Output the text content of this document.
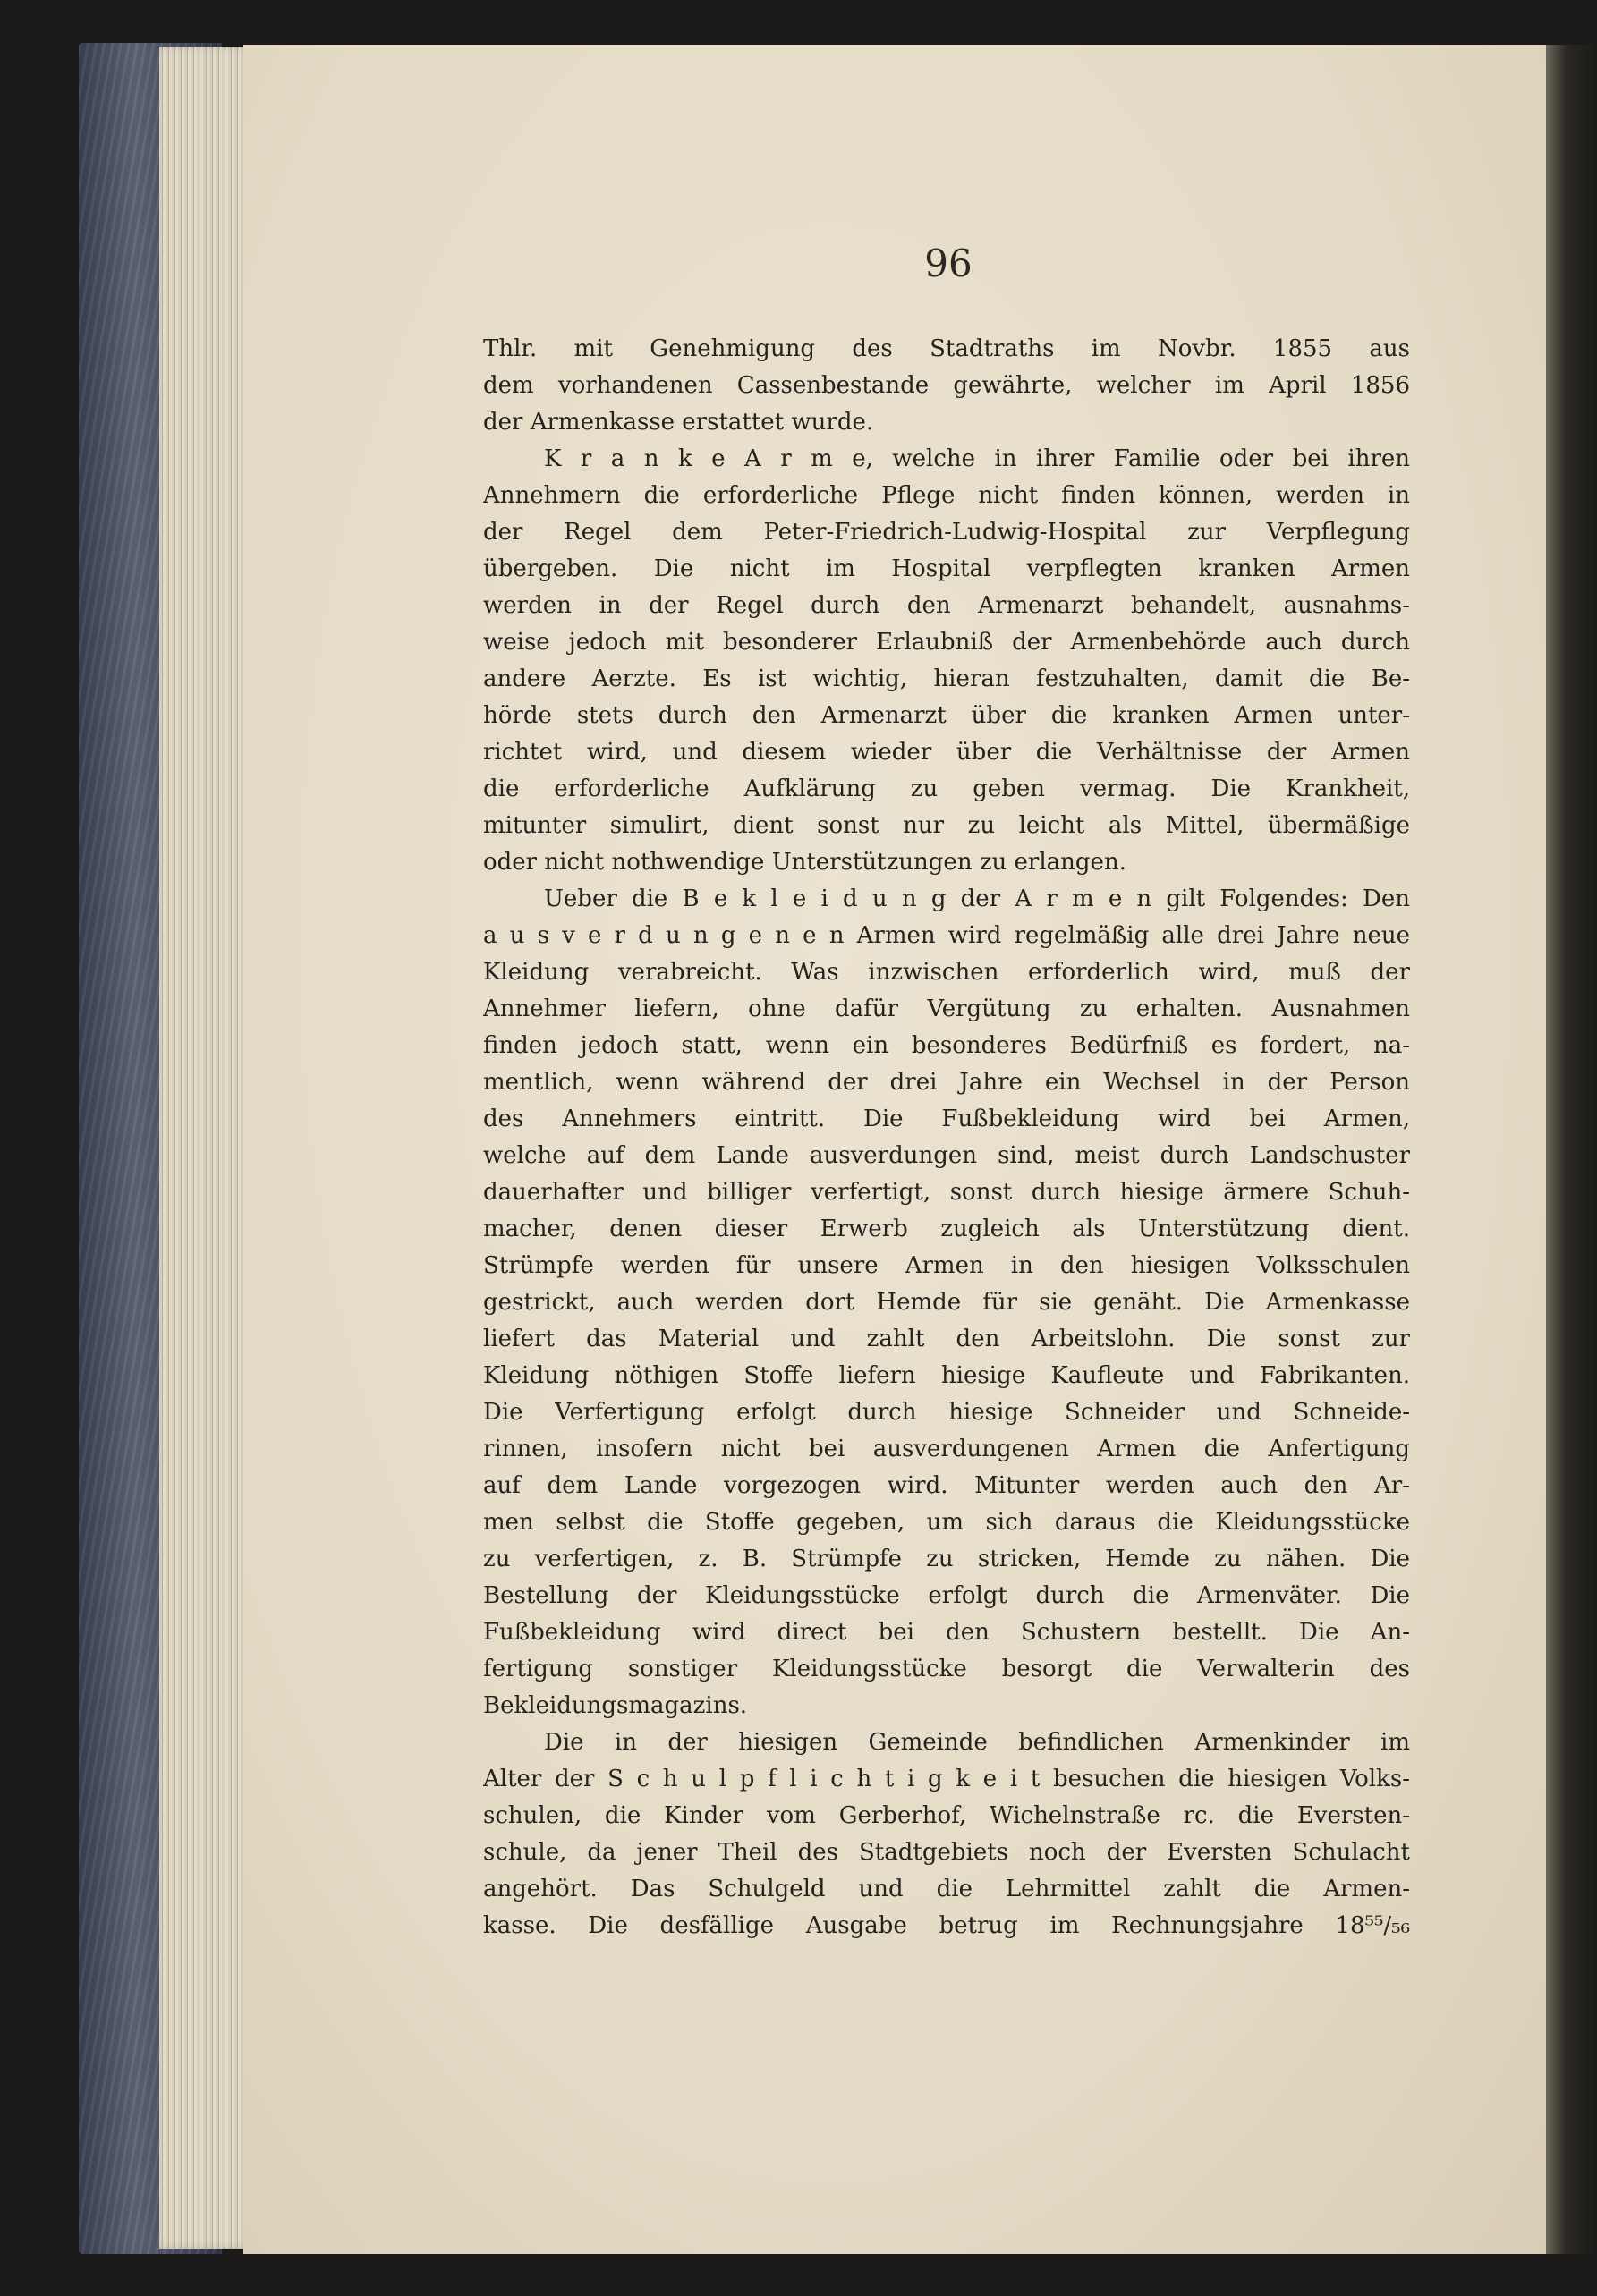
96
Thlr. mit Genehmigung des Stadtraths im Novbr. 1855 aus
dem vorhandenen Cassenbestande gewährte, welcher im April 1856
der Armenkasse erstattet wurde.
K r a n k e A r m e, welche in ihrer Familie oder bei ihren
Annehmern die erforderliche Pflege nicht finden können, werden in
der Regel dem Peter-Friedrich-Ludwig-Hospital zur Verpflegung
übergeben. Die nicht im Hospital verpflegten kranken Armen
werden in der Regel durch den Armenarzt behandelt, ausnahms-
weise jedoch mit besonderer Erlaubniß der Armenbehörde auch durch
andere Aerzte. Es ist wichtig, hieran festzuhalten, damit die Be-
hörde stets durch den Armenarzt über die kranken Armen unter-
richtet wird, und diesem wieder über die Verhältnisse der Armen
die erforderliche Aufklärung zu geben vermag. Die Krankheit,
mitunter simulirt, dient sonst nur zu leicht als Mittel, übermäßige
oder nicht nothwendige Unterstützungen zu erlangen.
Ueber die B e k l e i d u n g der A r m e n gilt Folgendes: Den
a u s v e r d u n g e n e n Armen wird regelmäßig alle drei Jahre neue
Kleidung verabreicht. Was inzwischen erforderlich wird, muß der
Annehmer liefern, ohne dafür Vergütung zu erhalten. Ausnahmen
finden jedoch statt, wenn ein besonderes Bedürfniß es fordert, na-
mentlich, wenn während der drei Jahre ein Wechsel in der Person
des Annehmers eintritt. Die Fußbekleidung wird bei Armen,
welche auf dem Lande ausverdungen sind, meist durch Landschuster
dauerhafter und billiger verfertigt, sonst durch hiesige ärmere Schuh-
macher, denen dieser Erwerb zugleich als Unterstützung dient.
Strümpfe werden für unsere Armen in den hiesigen Volksschulen
gestrickt, auch werden dort Hemde für sie genäht. Die Armenkasse
liefert das Material und zahlt den Arbeitslohn. Die sonst zur
Kleidung nöthigen Stoffe liefern hiesige Kaufleute und Fabrikanten.
Die Verfertigung erfolgt durch hiesige Schneider und Schneide-
rinnen, insofern nicht bei ausverdungenen Armen die Anfertigung
auf dem Lande vorgezogen wird. Mitunter werden auch den Ar-
men selbst die Stoffe gegeben, um sich daraus die Kleidungsstücke
zu verfertigen, z. B. Strümpfe zu stricken, Hemde zu nähen. Die
Bestellung der Kleidungsstücke erfolgt durch die Armenväter. Die
Fußbekleidung wird direct bei den Schustern bestellt. Die An-
fertigung sonstiger Kleidungsstücke besorgt die Verwalterin des
Bekleidungsmagazins.
Die in der hiesigen Gemeinde befindlichen Armenkinder im
Alter der S c h u l p f l i c h t i g k e i t besuchen die hiesigen Volks-
schulen, die Kinder vom Gerberhof, Wichelnstraße rc. die Eversten-
schule, da jener Theil des Stadtgebiets noch der Eversten Schulacht
angehört. Das Schulgeld und die Lehrmittel zahlt die Armen-
kasse. Die desfällige Ausgabe betrug im Rechnungsjahre 18⁵⁵/₅₆
